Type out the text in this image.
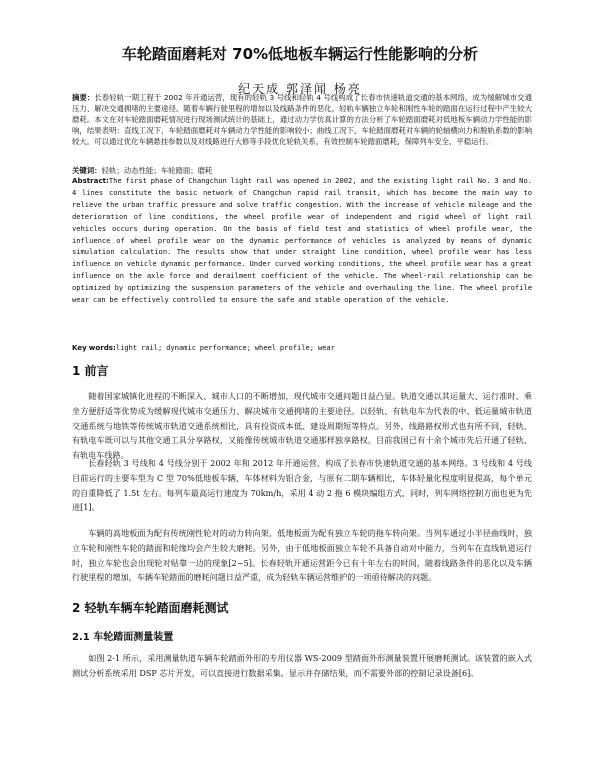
车轮踏面磨耗对 70%低地板车辆运行性能影响的分析
纪天成 郭泽闻 杨亮

摘要：长春轻轨一期工程于 2002 年开通运营，现有的轻轨 3 号线和轻轨 4 号线构成了长春市快速轨道交通的基本网络，成为缓解城市交通压力、解决交通拥堵的主要途径。随着车辆行驶里程的增加以及线路条件的恶化，轻轨车辆独立车轮和刚性车轮的踏面在运行过程中产生较大磨耗。本文在对车轮踏面磨耗情况进行现场测试统计的基础上，通过动力学仿真计算的方法分析了车轮踏面磨耗对低地板车辆动力学性能的影响，结果表明：直线工况下，车轮踏面磨耗对车辆动力学性能的影响较小；曲线工况下，车轮踏面磨耗对车辆的轮轴横向力和脱轨系数的影响较大。可以通过优化车辆悬挂参数以及对线路进行大修等手段优化轮轨关系，有效控制车轮踏面磨耗，保障列车安全、平稳运行。

关键词：轻轨；动态性能；车轮踏面；磨耗

Abstract:The first phase of Changchun light rail was opened in 2002, and the existing light rail No. 3 and No. 4 lines constitute the basic network of Changchun rapid rail transit, which has become the main way to relieve the urban traffic pressure and solve traffic congestion. With the increase of vehicle mileage and the deterioration of line conditions, the wheel profile wear of independent and rigid wheel of light rail vehicles occurs during operation. On the basis of field test and statistics of wheel profile wear, the influence of wheel profile wear on the dynamic performance of vehicles is analyzed by means of dynamic simulation calculation. The results show that under straight line condition, wheel profile wear has less influence on vehicle dynamic performance. Under curved working conditions, the wheel profile wear has a great influence on the axle force and derailment coefficient of the vehicle. The wheel-rail relationship can be optimized by optimizing the suspension parameters of the vehicle and overhauling the line. The wheel profile wear can be effectively controlled to ensure the safe and stable operation of the vehicle.

Key words:light rail; dynamic performance; wheel profile; wear

1 前言

随着国家城镇化进程的不断深入、城市人口的不断增加，现代城市交通问题日益凸显。轨道交通以其运量大、运行准时、乘坐方便舒适等优势成为缓解现代城市交通压力、解决城市交通拥堵的主要途径。以轻轨、有轨电车为代表的中、低运量城市轨道交通系统与地铁等传统城市轨道交通系统相比，具有投资成本低、建设周期短等特点。另外，线路路权形式也有所不同，轻轨、有轨电车既可以与其他交通工具分享路权，又能像传统城市轨道交通那样独享路权。目前我国已有十余个城市先后开通了轻轨、有轨电车线路。

长春轻轨 3 号线和 4 号线分别于 2002 年和 2012 年开通运营，构成了长春市快速轨道交通的基本网络。3 号线和 4 号线目前运行的主要车型为 C 型 70%低地板车辆，车体材料为铝合金，与原有二期车辆相比，车体轻量化程度明显提高，每个单元的自重降低了 1.5t 左右。每列车最高运行速度为 70km/h，采用 4 动 2 拖 6 模块编组方式，同时，列车网络控制方面也更为先进[1]。

车辆的高地板面为配有传统刚性轮对的动力转向架，低地板面为配有独立车轮的拖车转向架。当列车通过小半径曲线时，独立车轮和刚性车轮的踏面和轮缘均会产生较大磨耗。另外，由于低地板面独立车轮不具备自动对中能力，当列车在直线轨道运行时，独立车轮也会出现轮对贴靠一边的现象[2~5]。长春轻轨开通运营距今已有十年左右的时间，随着线路条件的恶化以及车辆行驶里程的增加，车辆车轮踏面的磨耗问题日益严重，成为轻轨车辆运营维护的一项亟待解决的问题。

2 轻轨车辆车轮踏面磨耗测试
2.1 车轮踏面测量装置

如图 2-1 所示，采用测量轨道车辆车轮踏面外形的专用仪器 WS-2009 型踏面外形测量装置开展磨耗测试。该装置的嵌入式测试分析系统采用 DSP 芯片开发，可以直接进行数据采集、显示并存储结果，而不需要外部的控制记录设备[6]。
